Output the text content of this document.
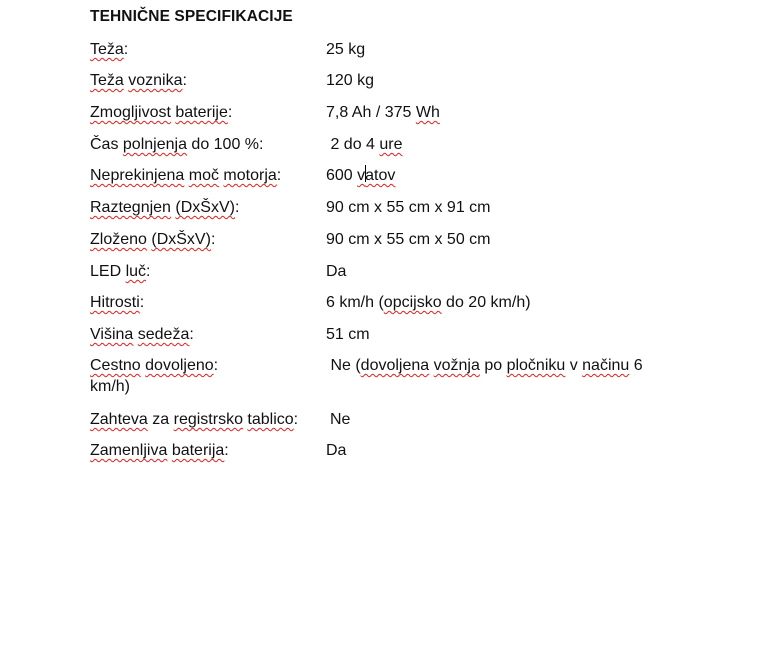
TEHNIČNE SPECIFIKACIJE
Teža:	25 kg
Teža voznika:	120 kg
Zmogljivost baterije:	7,8 Ah / 375 Wh
Čas polnjenja do 100 %:	2 do 4 ure
Neprekinjena moč motorja:	600 vatov
Raztegnjen (DxŠxV):	90 cm x 55 cm x 91 cm
Zloženo (DxŠxV):	90 cm x 55 cm x 50 cm
LED luč:	Da
Hitrosti:	6 km/h (opcijsko do 20 km/h)
Višina sedeža:	51 cm
Cestno dovoljeno:	Ne (dovoljena vožnja po pločniku v načinu 6
km/h)
Zahteva za registrsko tablico: Ne
Zamenljiva baterija:	Da
